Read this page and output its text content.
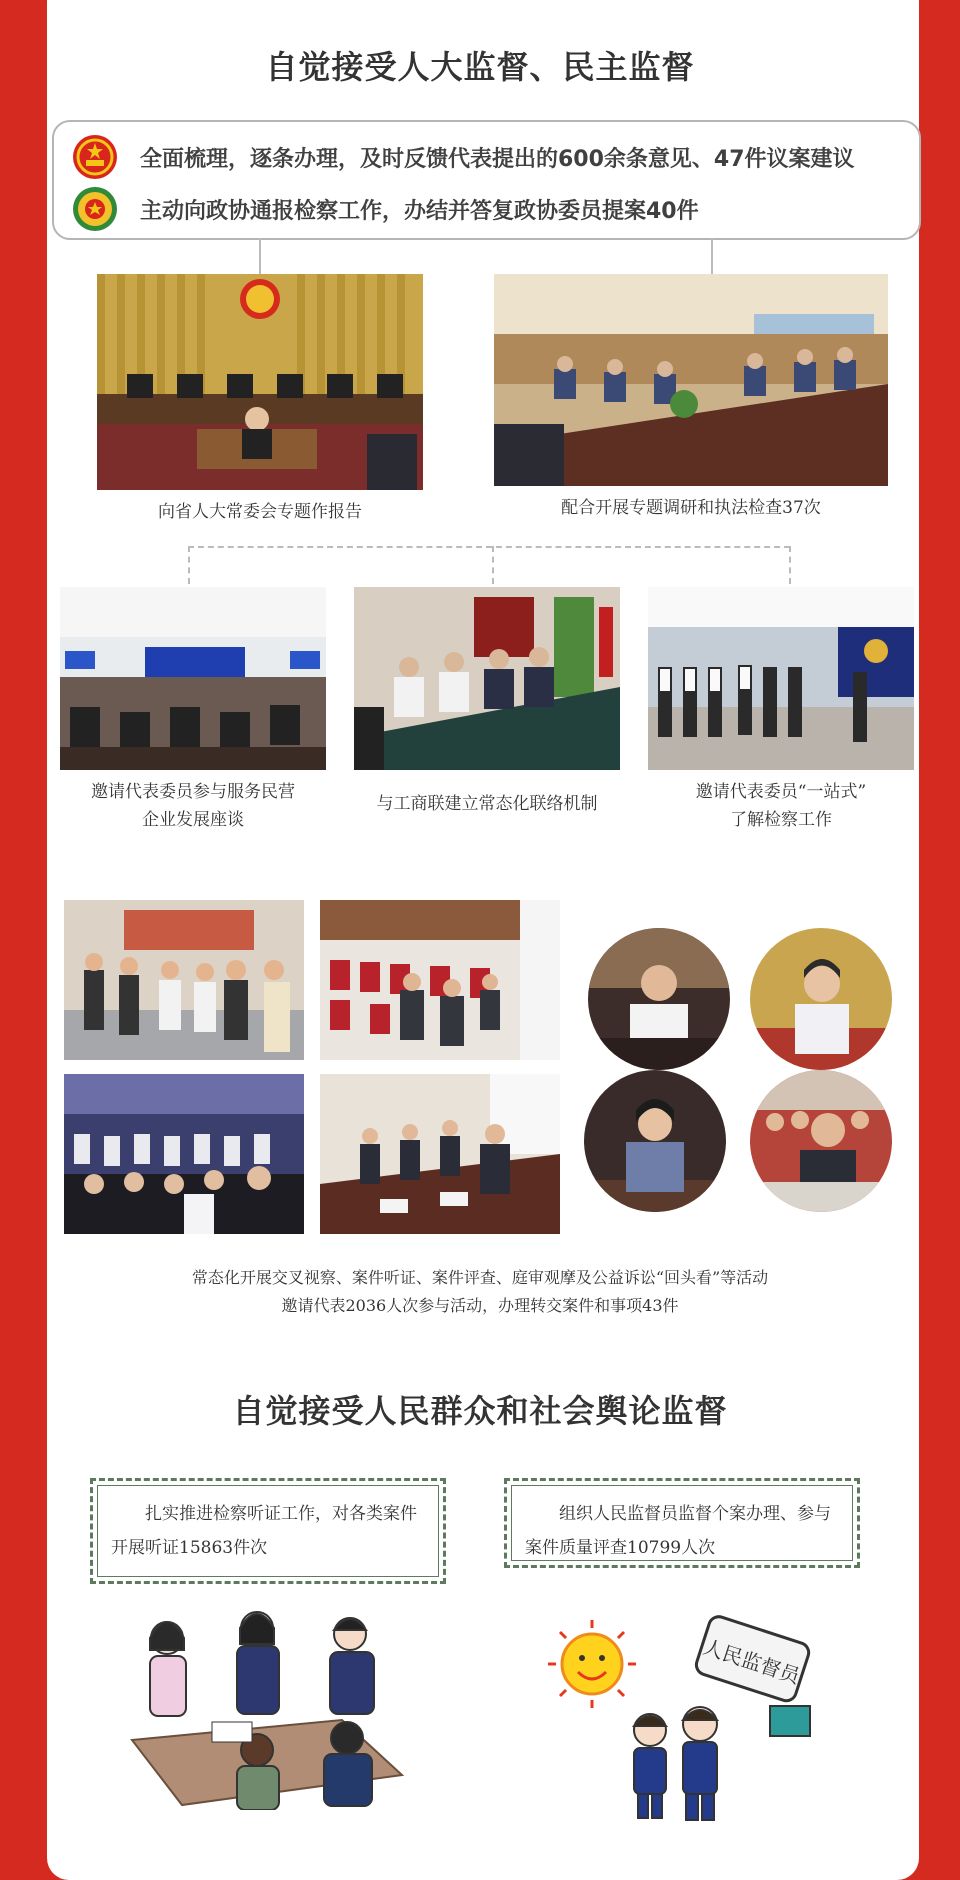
自觉接受人大监督、民主监督
全面梳理，逐条办理，及时反馈代表提出的600余条意见、47件议案建议
主动向政协通报检察工作，办结并答复政协委员提案40件
向省人大常委会专题作报告	配合开展专题调研和执法检查37次
邀请代表委员参与服务民营
企业发展座谈
与工商联建立常态化联络机制
邀请代表委员“一站式”
了解检察工作
常态化开展交叉视察、案件听证、案件评查、庭审观摩及公益诉讼“回头看”等活动
邀请代表2036人次参与活动，办理转交案件和事项43件
自觉接受人民群众和社会舆论监督
扎实推进检察听证工作，对各类案件开展听证15863件次
组织人民监督员监督个案办理、参与案件质量评查10799人次
人民监督员
